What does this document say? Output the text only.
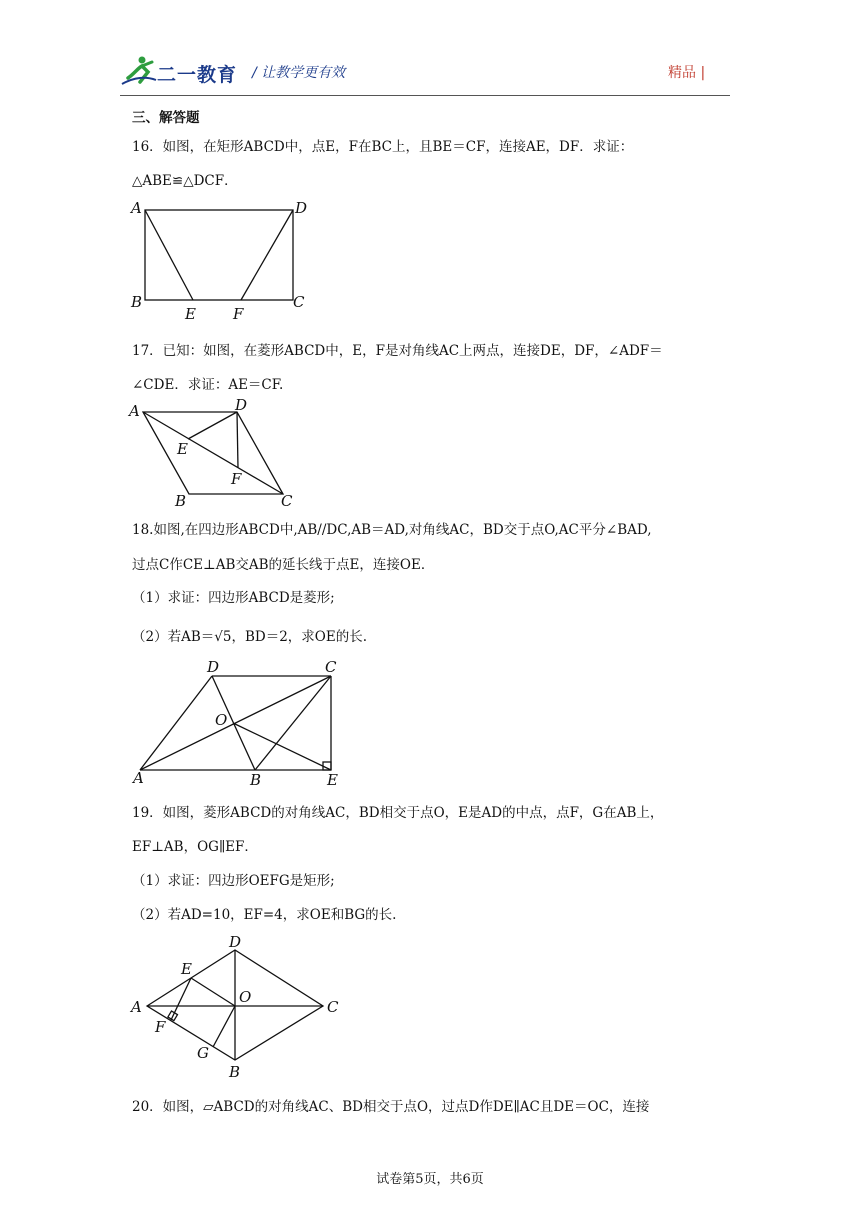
二一教育 / 让教学更有效	精品 |
三、解答题
16．如图，在矩形ABCD中，点E，F在BC上，且BE＝CF，连接AE，DF．求证：
△ABE≌△DCF．
A	D
B
E F
C
17．已知：如图，在菱形ABCD中，E，F是对角线AC上两点，连接DE，DF，∠ADF＝
∠CDE．求证：AE＝CF.
A	D
E
F
B	C
18.如图,在四边形ABCD中,AB//DC,AB＝AD,对角线AC，BD交于点O,AC平分∠BAD,
过点C作CE⊥AB交AB的延长线于点E，连接OE．
（1）求证：四边形ABCD是菱形;
（2）若AB＝√5，BD＝2，求OE的长.
D	C
O
A	B	E
19．如图，菱形ABCD的对角线AC，BD相交于点O，E是AD的中点，点F，G在AB上，
EF⊥AB，OG∥EF．
（1）求证：四边形OEFG是矩形;
（2）若AD=10，EF=4，求OE和BG的长.
D
E
A
O
C
F
G
B
20．如图，▱ABCD的对角线AC、BD相交于点O，过点D作DE∥AC且DE＝OC，连接
试卷第5页，共6页
